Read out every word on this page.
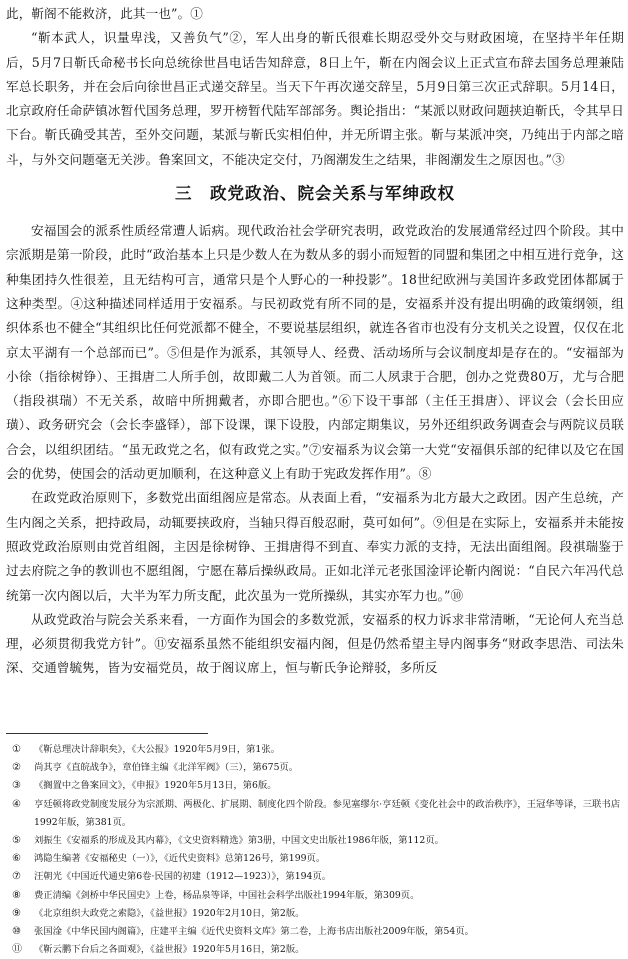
此，靳阁不能救济，此其一也”。①

“靳本武人，识量卑浅，又善负气”②，军人出身的靳氏很难长期忍受外交与财政困境，在坚持半年任期后，5月7日靳氏命秘书长向总统徐世昌电话告知辞意，8日上午，靳在内阁会议上正式宣布辞去国务总理兼陆军总长职务，并在会后向徐世昌正式递交辞呈。当天下午再次递交辞呈，5月9日第三次正式辞职。5月14日，北京政府任命萨镇冰暂代国务总理，罗开榜暂代陆军部部务。舆论指出：“某派以财政问题挟迫靳氏，令其早日下台。靳氏确受其苦，至外交问题，某派与靳氏实相伯仲，并无所谓主张。靳与某派冲突，乃纯出于内部之暗斗，与外交问题毫无关涉。鲁案回文，不能决定交付，乃阁潮发生之结果，非阁潮发生之原因也。”③

三　政党政治、院会关系与军绅政权

安福国会的派系性质经常遭人诟病。现代政治社会学研究表明，政党政治的发展通常经过四个阶段。其中宗派期是第一阶段，此时“政治基本上只是少数人在为数从多的弱小而短暂的同盟和集团之中相互进行竞争，这种集团持久性很差，且无结构可言，通常只是个人野心的一种投影”。18世纪欧洲与美国许多政党团体都属于这种类型。④这种描述同样适用于安福系。与民初政党有所不同的是，安福系并没有提出明确的政策纲领，组织体系也不健全“其组织比任何党派都不健全，不要说基层组织，就连各省市也没有分支机关之设置，仅仅在北京太平湖有一个总部而已”。⑤但是作为派系，其领导人、经费、活动场所与会议制度却是存在的。“安福部为小徐（指徐树铮）、王揖唐二人所手创，故即戴二人为首领。而二人夙隶于合肥，创办之党费80万，尤与合肥（指段祺瑞）不无关系，故暗中所拥戴者，亦即合肥也。”⑥下设干事部（主任王揖唐）、评议会（会长田应璜）、政务研究会（会长李盛铎），部下设课，课下设股，内部定期集议，另外还组织政务调查会与两院议员联合会，以组织团结。“虽无政党之名，似有政党之实。”⑦安福系为议会第一大党“安福俱乐部的纪律以及它在国会的优势，使国会的活动更加顺利，在这种意义上有助于宪政发挥作用”。⑧

在政党政治原则下，多数党出面组阁应是常态。从表面上看，“安福系为北方最大之政团。因产生总统，产生内阁之关系，把持政局，动辄要挟政府，当轴只得百般忍耐，莫可如何”。⑨但是在实际上，安福系并未能按照政党政治原则由党首组阁，主因是徐树铮、王揖唐得不到直、奉实力派的支持，无法出面组阁。段祺瑞鉴于过去府院之争的教训也不愿组阁，宁愿在幕后操纵政局。正如北洋元老张国淦评论靳内阁说：“自民六年冯代总统第一次内阁以后，大半为军力所支配，此次虽为一党所操纵，其实亦军力也。”⑩

从政党政治与院会关系来看，一方面作为国会的多数党派，安福系的权力诉求非常清晰，“无论何人充当总理，必须贯彻我党方针”。⑪安福系虽然不能组织安福内阁，但是仍然希望主导内阁事务“财政李思浩、司法朱深、交通曾毓隽，皆为安福党员，故于阁议席上，恒与靳氏争论辩驳，多所反

①	《靳总理决计辞职矣》，《大公报》1920年5月9日，第1张。
②	尚其亨《直皖战争》，章伯锋主编《北洋军阀》（三），第675页。
③	《搁置中之鲁案回文》，《申报》1920年5月13日，第6版。
④	亨廷顿将政党制度发展分为宗派期、两极化、扩展期、制度化四个阶段。参见塞缪尔·亨廷顿《变化社会中的政治秩序》，王冠华等译，三联书店1992年版，第381页。
⑤	刘振生《安福系的形成及其内幕》，《文史资料精选》第3册，中国文史出版社1986年版，第112页。
⑥	鸿隐生编著《安福秘史（一）》，《近代史资料》总第126号，第199页。
⑦	汪朝光《中国近代通史第6卷·民国的初建（1912—1923）》，第194页。
⑧	费正清编《剑桥中华民国史》上卷，杨品泉等译，中国社会科学出版社1994年版，第309页。
⑨	《北京组织大政党之索隐》，《益世报》1920年2月10日，第2版。
⑩	张国淦《中华民国内阁篇》，庄建平主编《近代史资料文库》第二卷，上海书店出版社2009年版，第54页。
⑪	《靳云鹏下台后之各面观》，《益世报》1920年5月16日，第2版。
